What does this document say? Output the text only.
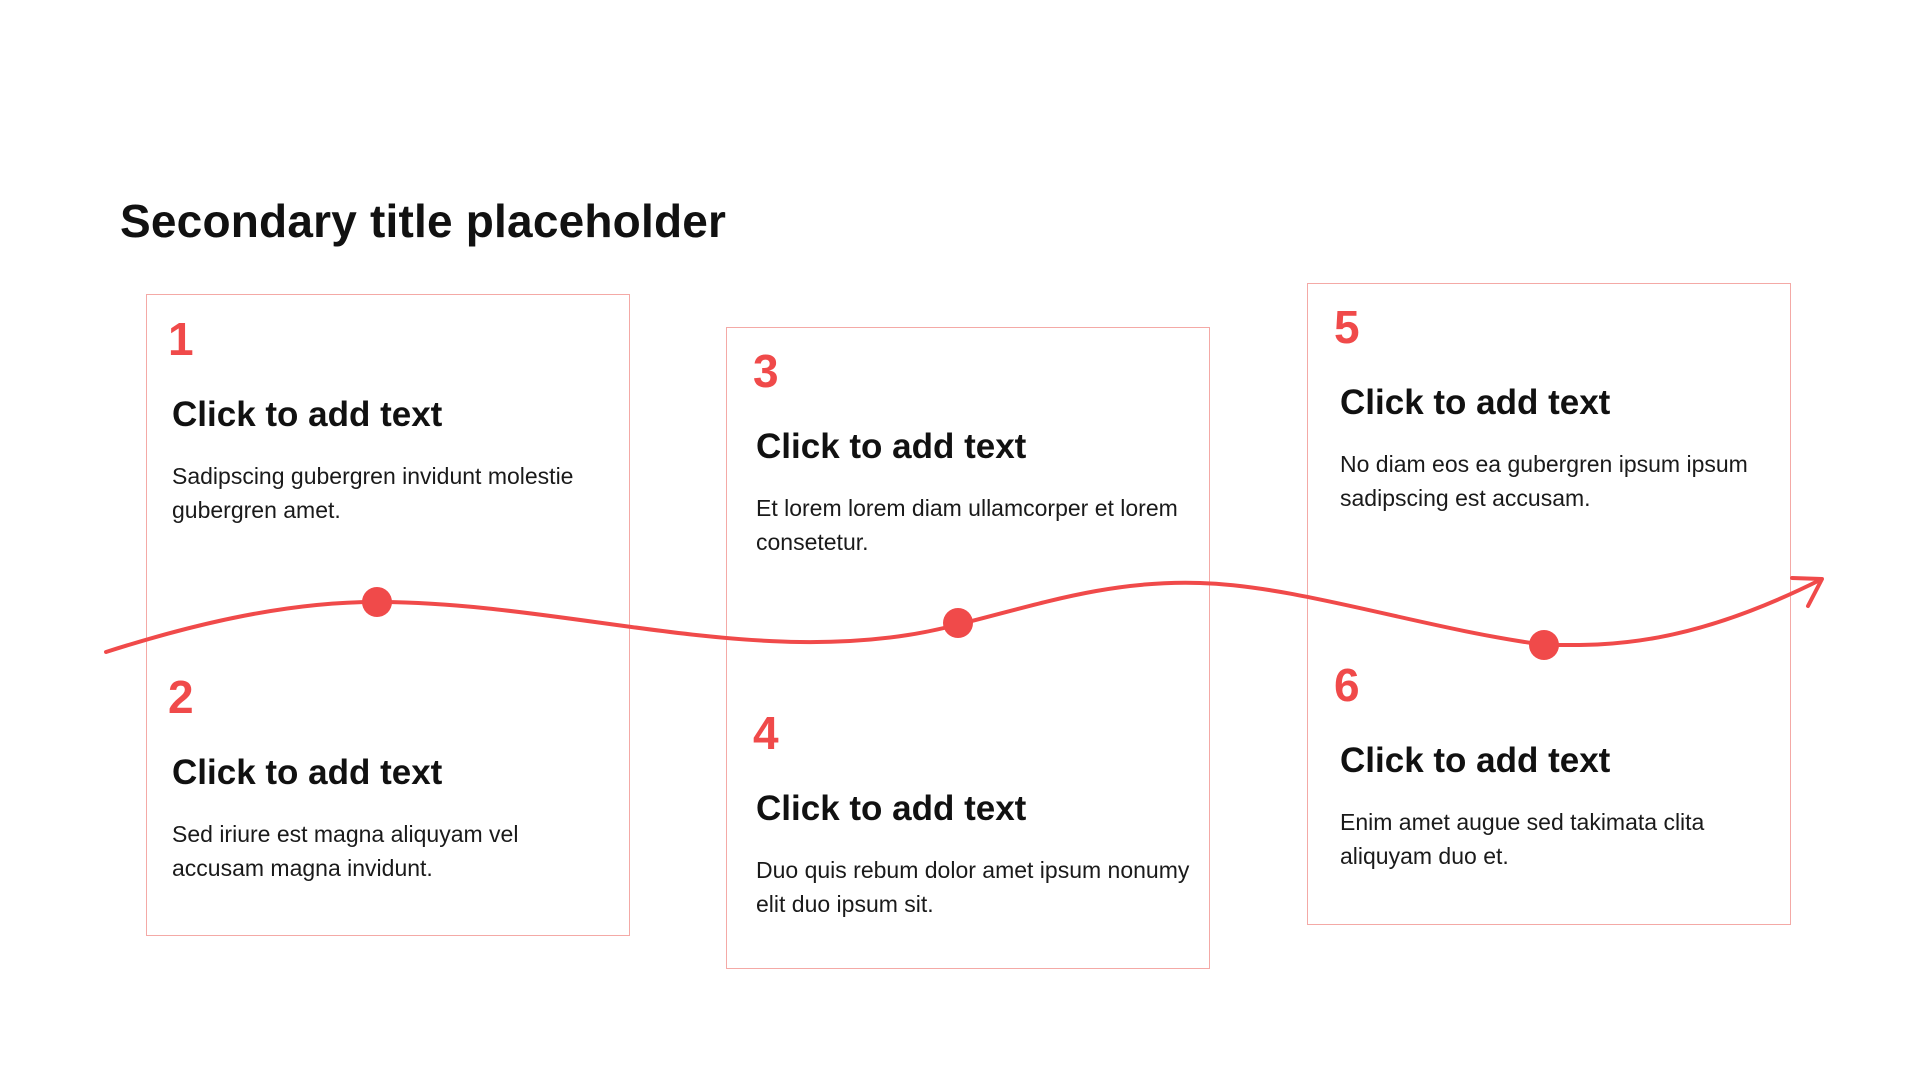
Secondary title placeholder
1
Click to add text
Sadipscing gubergren invidunt molestie gubergren amet.
2
Click to add text
Sed iriure est magna aliquyam vel accusam magna invidunt.
3
Click to add text
Et lorem lorem diam ullamcorper et lorem consetetur.
4
Click to add text
Duo quis rebum dolor amet ipsum nonumy elit duo ipsum sit.
5
Click to add text
No diam eos ea gubergren ipsum ipsum sadipscing est accusam.
6
Click to add text
Enim amet augue sed takimata clita aliquyam duo et.
